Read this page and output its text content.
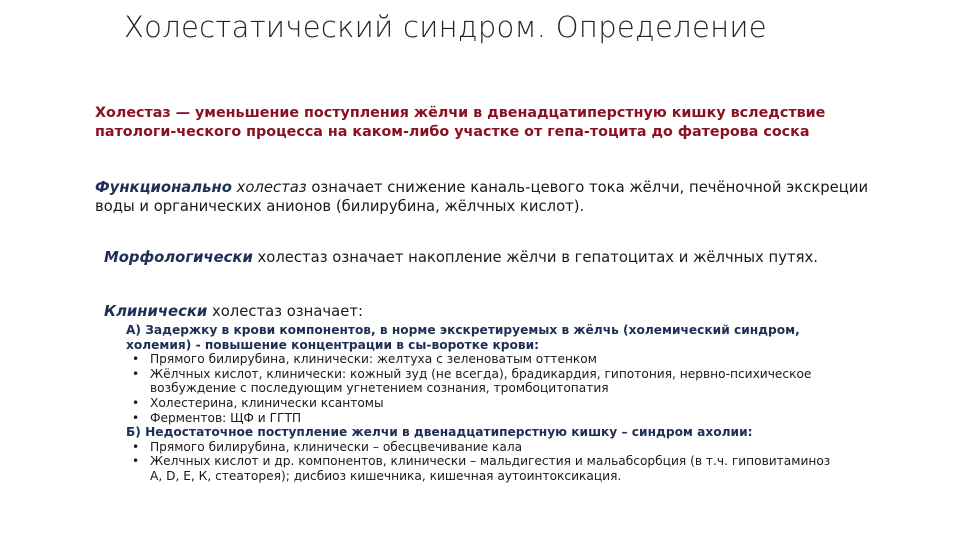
Холестатический синдром. Определение
Холестаз — уменьшение поступления жёлчи в двенадцатиперстную кишку вследствие патологи-ческого процесса на каком-либо участке от гепа-тоцита до фатерова соска
Функционально холестаз означает снижение каналь-цевого тока жёлчи, печёночной экскреции воды и органических анионов (билирубина, жёлчных кислот).
Морфологически холестаз означает накопление жёлчи в гепатоцитах и жёлчных путях.
Клинически холестаз означает:
А) Задержку в крови компонентов, в норме экскретируемых в жёлчь (холемический синдром, холемия) - повышение концентрации в сы-воротке крови:
• Прямого билирубина, клинически: желтуха с зеленоватым оттенком
• Жёлчных кислот, клинически: кожный зуд (не всегда), брадикардия, гипотония, нервно-психическое возбуждение с последующим угнетением сознания, тромбоцитопатия
• Холестерина, клинически ксантомы
• Ферментов: ЩФ и ГГТП
Б) Недостаточное поступление желчи в двенадцатиперстную кишку – синдром ахолии:
• Прямого билирубина, клинически – обесцвечивание кала
• Желчных кислот и др. компонентов, клинически – мальдигестия и мальабсорбция (в т.ч. гиповитаминоз А, D, Е, К, стеаторея); дисбиоз кишечника, кишечная аутоинтоксикация.
